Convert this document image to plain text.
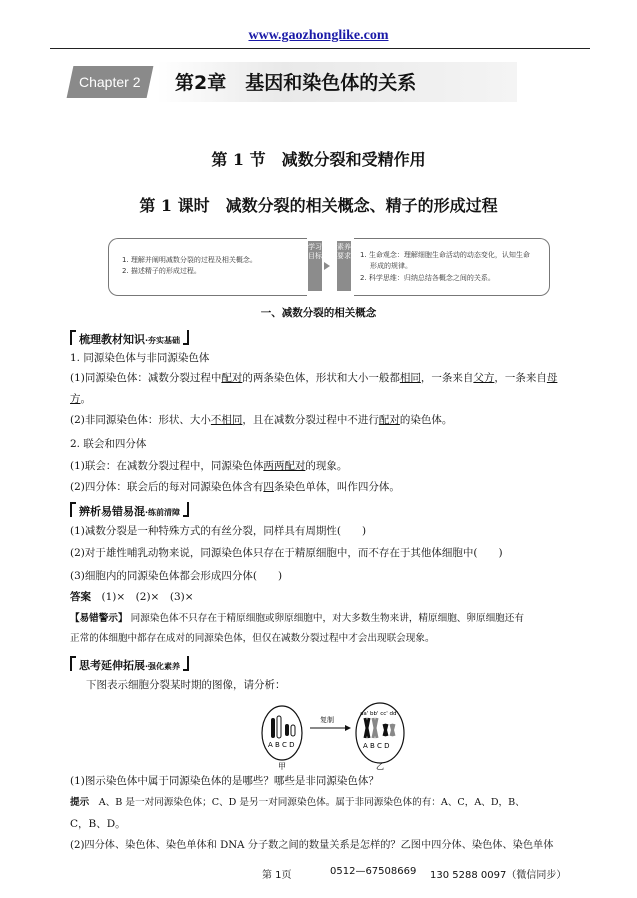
www.gaozhonglike.com
Chapter 2	第2章　基因和染色体的关系
第 1 节　减数分裂和受精作用
第 1 课时　减数分裂的相关概念、精子的形成过程
学习目标
素养要求
1. 理解并阐明减数分裂的过程及相关概念。
2. 描述精子的形成过程。
1. 生命观念：理解细胞生命活动的动态变化，认知生命
形成的规律。
2. 科学思维：归纳总结各概念之间的关系。
一、减数分裂的相关概念
梳理教材知识·夯实基础
1. 同源染色体与非同源染色体
(1)同源染色体：减数分裂过程中配对的两条染色体，形状和大小一般都相同，一条来自父方，一条来自母
方。
(2)非同源染色体：形状、大小不相同，且在减数分裂过程中不进行配对的染色体。
2. 联会和四分体
(1)联会：在减数分裂过程中，同源染色体两两配对的现象。
(2)四分体：联会后的每对同源染色体含有四条染色单体，叫作四分体。
辨析易错易混·练前清障
(1)减数分裂是一种特殊方式的有丝分裂，同样具有周期性(　　)
(2)对于雄性哺乳动物来说，同源染色体只存在于精原细胞中，而不存在于其他体细胞中(　　)
(3)细胞内的同源染色体都会形成四分体(　　)
答案　 (1)×　(2)×　(3)×
【易错警示】 同源染色体不只存在于精原细胞或卵原细胞中，对大多数生物来讲，精原细胞、卵原细胞还有
正常的体细胞中都存在成对的同源染色体，但仅在减数分裂过程中才会出现联会现象。
思考延伸拓展·强化素养
下图表示细胞分裂某时期的图像，请分析：
A B C D
复制
aa' bb' cc' dd'
A B C D
甲	乙
(1)图示染色体中属于同源染色体的是哪些？哪些是非同源染色体？
提示　 A、B 是一对同源染色体；C、D 是另一对同源染色体。属于非同源染色体的有：A、C，A、D，B、
C，B、D。
(2)四分体、染色体、染色单体和 DNA 分子数之间的数量关系是怎样的？乙图中四分体、染色体、染色单体
第 1页	0512—67508669 130 5288 0097（微信同步）
